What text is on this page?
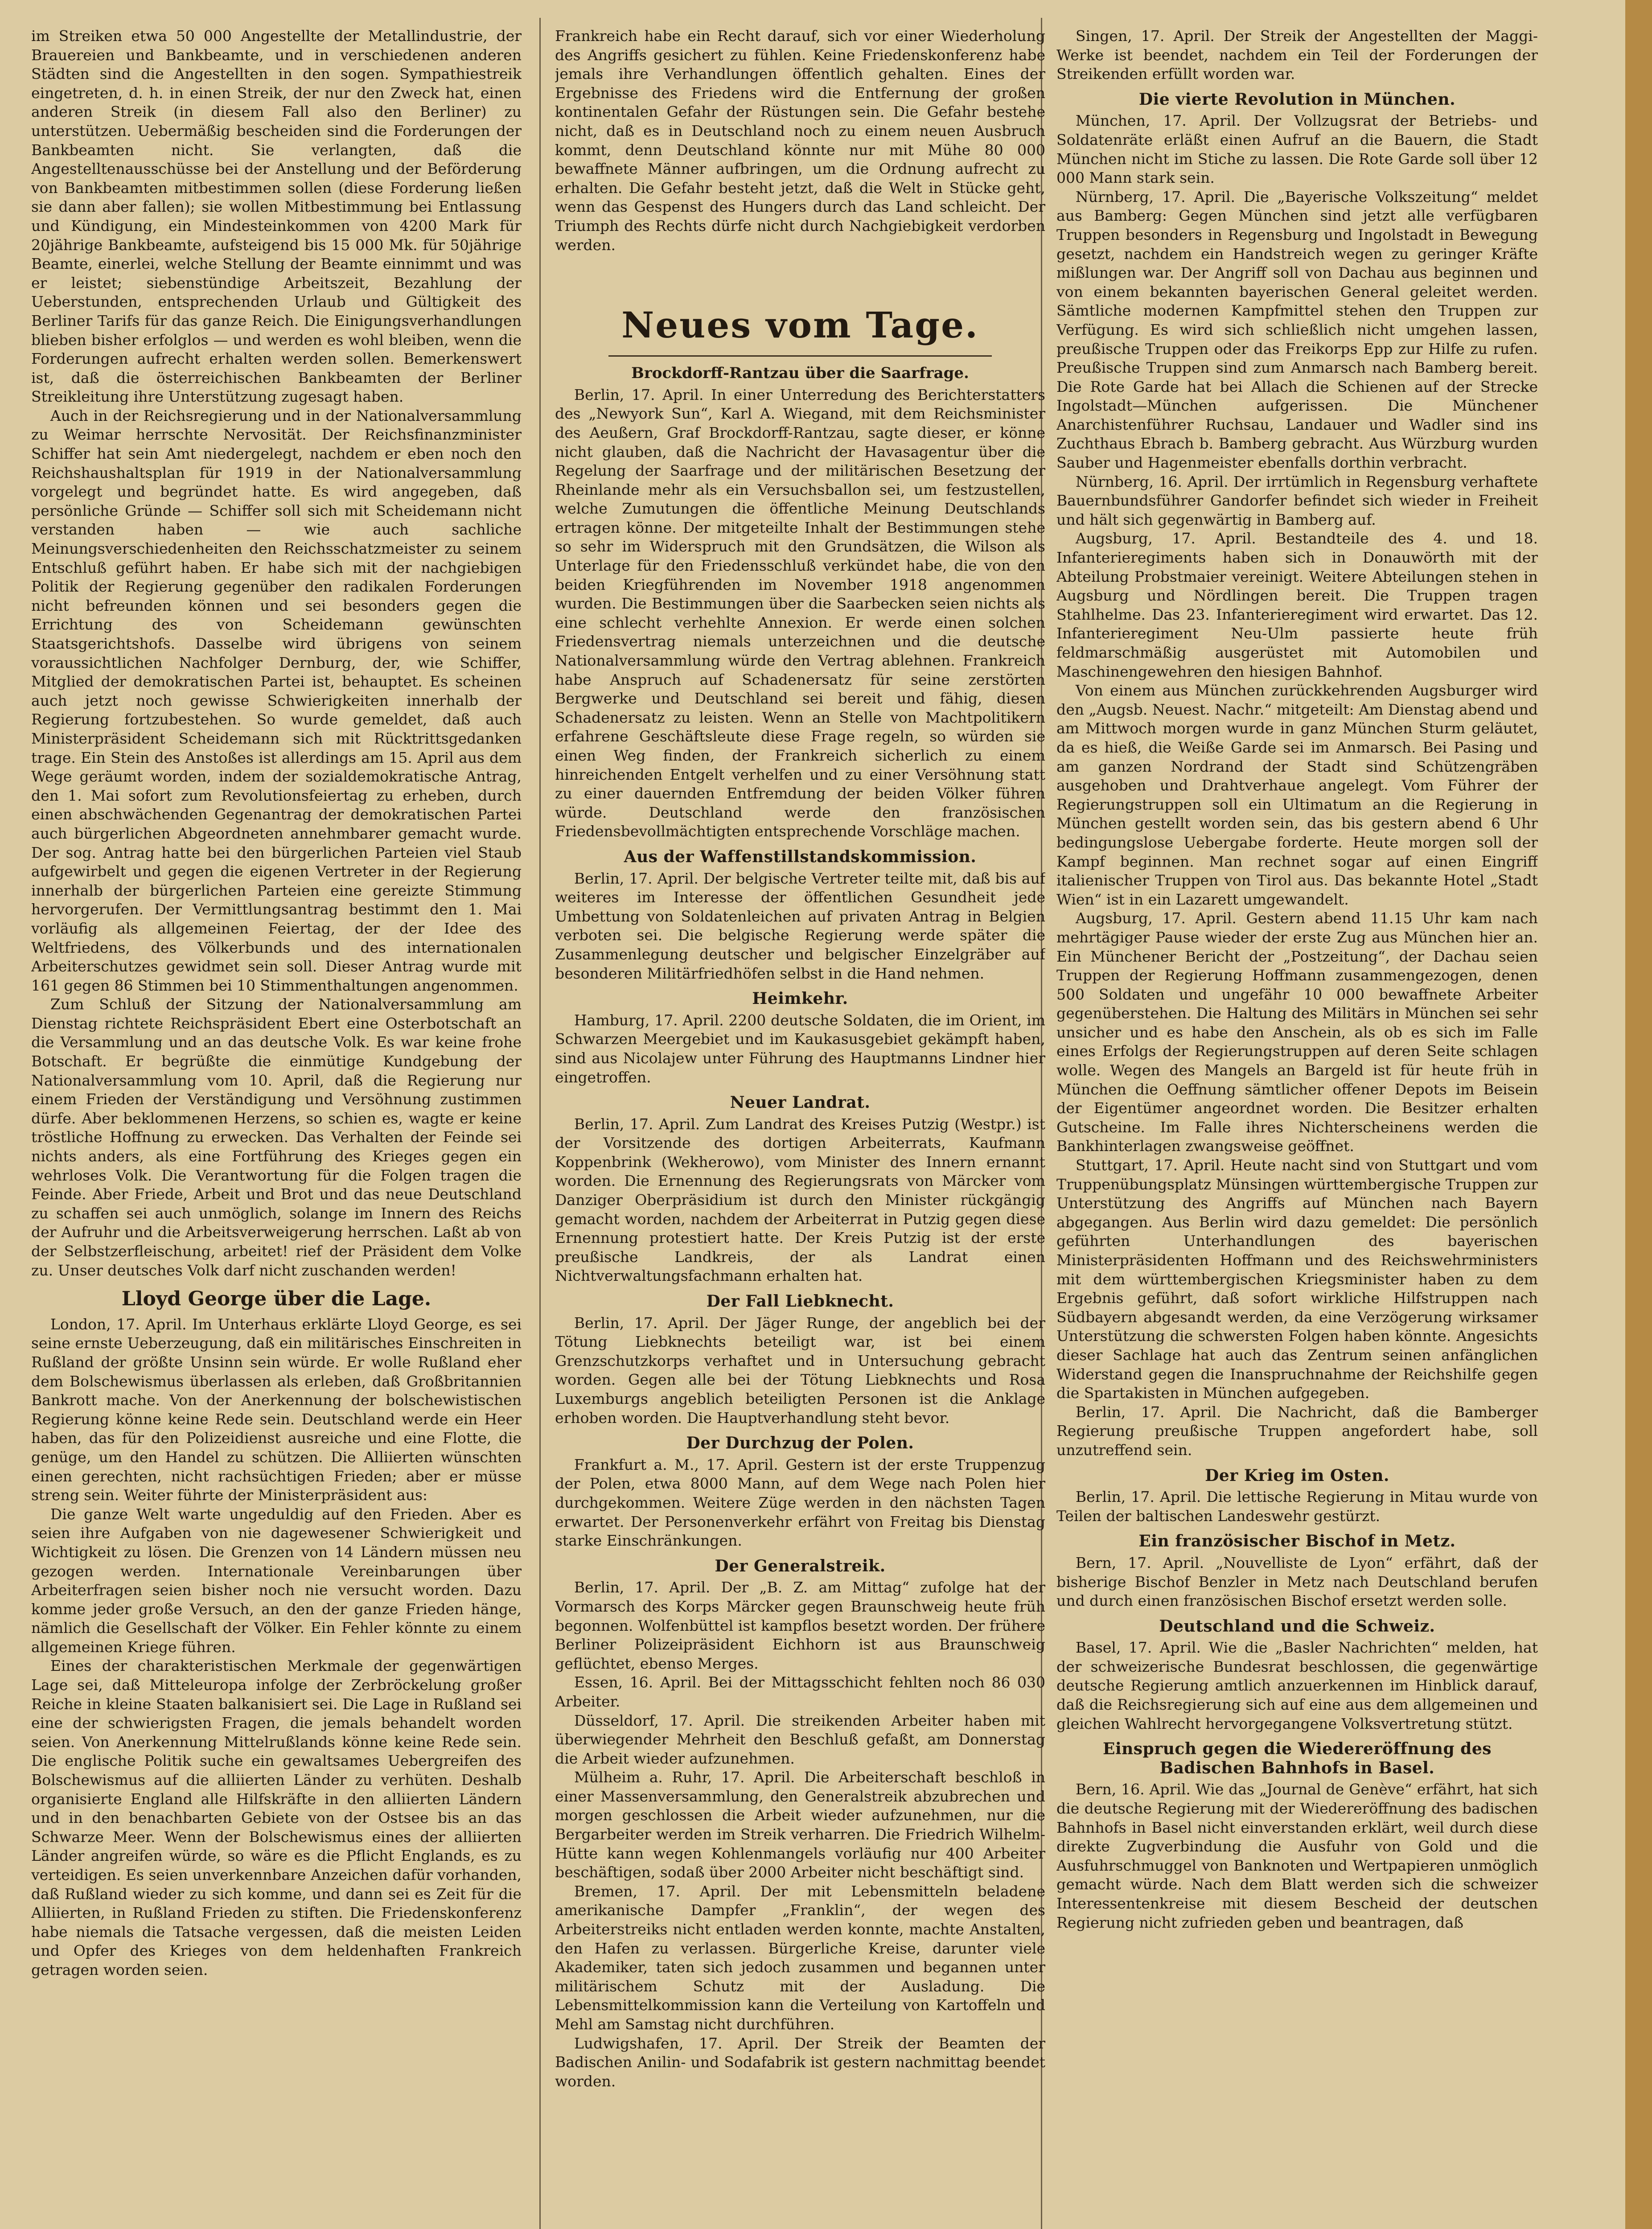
im Streiken etwa 50 000 Angestellte der Metallindustrie, der Brauereien und Bankbeamte, und in verschiedenen anderen Städten sind die Angestellten in den sogen. Sympathiestreik eingetreten, d. h. in einen Streik, der nur den Zweck hat, einen anderen Streik (in diesem Fall also den Berliner) zu unterstützen. Uebermäßig bescheiden sind die Forderungen der Bankbeamten nicht. Sie verlangten, daß die Angestelltenausschüsse bei der Anstellung und der Beförderung von Bankbeamten mitbestimmen sollen (diese Forderung ließen sie dann aber fallen); sie wollen Mitbestimmung bei Entlassung und Kündigung, ein Mindesteinkommen von 4200 Mark für 20jährige Bankbeamte, aufsteigend bis 15 000 Mk. für 50jährige Beamte, einerlei, welche Stellung der Beamte einnimmt und was er leistet; siebenstündige Arbeitszeit, Bezahlung der Ueberstunden, entsprechenden Urlaub und Gültigkeit des Berliner Tarifs für das ganze Reich. Die Einigungsverhandlungen blieben bisher erfolglos — und werden es wohl bleiben, wenn die Forderungen aufrecht erhalten werden sollen. Bemerkenswert ist, daß die österreichischen Bankbeamten der Berliner Streikleitung ihre Unterstützung zugesagt haben.

Auch in der Reichsregierung und in der Nationalversammlung zu Weimar herrschte Nervosität. Der Reichsfinanzminister Schiffer hat sein Amt niedergelegt, nachdem er eben noch den Reichshaushaltsplan für 1919 in der Nationalversammlung vorgelegt und begründet hatte. Es wird angegeben, daß persönliche Gründe — Schiffer soll sich mit Scheidemann nicht verstanden haben — wie auch sachliche Meinungsverschiedenheiten den Reichsschatzmeister zu seinem Entschluß geführt haben. Er habe sich mit der nachgiebigen Politik der Regierung gegenüber den radikalen Forderungen nicht befreunden können und sei besonders gegen die Errichtung des von Scheidemann gewünschten Staatsgerichtshofs. Dasselbe wird übrigens von seinem voraussichtlichen Nachfolger Dernburg, der, wie Schiffer, Mitglied der demokratischen Partei ist, behauptet. Es scheinen auch jetzt noch gewisse Schwierigkeiten innerhalb der Regierung fortzubestehen. So wurde gemeldet, daß auch Ministerpräsident Scheidemann sich mit Rücktrittsgedanken trage. Ein Stein des Anstoßes ist allerdings am 15. April aus dem Wege geräumt worden, indem der sozialdemokratische Antrag, den 1. Mai sofort zum Revolutionsfeiertag zu erheben, durch einen abschwächenden Gegenantrag der demokratischen Partei auch bürgerlichen Abgeordneten annehmbarer gemacht wurde. Der sog. Antrag hatte bei den bürgerlichen Parteien viel Staub aufgewirbelt und gegen die eigenen Vertreter in der Regierung innerhalb der bürgerlichen Parteien eine gereizte Stimmung hervorgerufen. Der Vermittlungsantrag bestimmt den 1. Mai vorläufig als allgemeinen Feiertag, der der Idee des Weltfriedens, des Völkerbunds und des internationalen Arbeiterschutzes gewidmet sein soll. Dieser Antrag wurde mit 161 gegen 86 Stimmen bei 10 Stimmenthaltungen angenommen.

Zum Schluß der Sitzung der Nationalversammlung am Dienstag richtete Reichspräsident Ebert eine Osterbotschaft an die Versammlung und an das deutsche Volk. Es war keine frohe Botschaft. Er begrüßte die einmütige Kundgebung der Nationalversammlung vom 10. April, daß die Regierung nur einem Frieden der Verständigung und Versöhnung zustimmen dürfe. Aber beklommenen Herzens, so schien es, wagte er keine tröstliche Hoffnung zu erwecken. Das Verhalten der Feinde sei nichts anders, als eine Fortführung des Krieges gegen ein wehrloses Volk. Die Verantwortung für die Folgen tragen die Feinde. Aber Friede, Arbeit und Brot und das neue Deutschland zu schaffen sei auch unmöglich, solange im Innern des Reichs der Aufruhr und die Arbeitsverweigerung herrschen. Laßt ab von der Selbstzerfleischung, arbeitet! rief der Präsident dem Volke zu. Unser deutsches Volk darf nicht zuschanden werden!

Lloyd George über die Lage.

London, 17. April. Im Unterhaus erklärte Lloyd George, es sei seine ernste Ueberzeugung, daß ein militärisches Einschreiten in Rußland der größte Unsinn sein würde. Er wolle Rußland eher dem Bolschewismus überlassen als erleben, daß Großbritannien Bankrott mache. Von der Anerkennung der bolschewistischen Regierung könne keine Rede sein. Deutschland werde ein Heer haben, das für den Polizeidienst ausreiche und eine Flotte, die genüge, um den Handel zu schützen. Die Alliierten wünschten einen gerechten, nicht rachsüchtigen Frieden; aber er müsse streng sein. Weiter führte der Ministerpräsident aus:

Die ganze Welt warte ungeduldig auf den Frieden. Aber es seien ihre Aufgaben von nie dagewesener Schwierigkeit und Wichtigkeit zu lösen. Die Grenzen von 14 Ländern müssen neu gezogen werden. Internationale Vereinbarungen über Arbeiterfragen seien bisher noch nie versucht worden. Dazu komme jeder große Versuch, an den der ganze Frieden hänge, nämlich die Gesellschaft der Völker. Ein Fehler könnte zu einem allgemeinen Kriege führen.

Eines der charakteristischen Merkmale der gegenwärtigen Lage sei, daß Mitteleuropa infolge der Zerbröckelung großer Reiche in kleine Staaten balkanisiert sei. Die Lage in Rußland sei eine der schwierigsten Fragen, die jemals behandelt worden seien. Von Anerkennung Mittelrußlands könne keine Rede sein. Die englische Politik suche ein gewaltsames Uebergreifen des Bolschewismus auf die alliierten Länder zu verhüten. Deshalb organisierte England alle Hilfskräfte in den alliierten Ländern und in den benachbarten Gebiete von der Ostsee bis an das Schwarze Meer. Wenn der Bolschewismus eines der alliierten Länder angreifen würde, so wäre es die Pflicht Englands, es zu verteidigen. Es seien unverkennbare Anzeichen dafür vorhanden, daß Rußland wieder zu sich komme, und dann sei es Zeit für die Alliierten, in Rußland Frieden zu stiften. Die Friedenskonferenz habe niemals die Tatsache vergessen, daß die meisten Leiden und Opfer des Krieges von dem heldenhaften Frankreich getragen worden seien.

Frankreich habe ein Recht darauf, sich vor einer Wiederholung des Angriffs gesichert zu fühlen. Keine Friedenskonferenz habe jemals ihre Verhandlungen öffentlich gehalten. Eines der Ergebnisse des Friedens wird die Entfernung der großen kontinentalen Gefahr der Rüstungen sein. Die Gefahr bestehe nicht, daß es in Deutschland noch zu einem neuen Ausbruch kommt, denn Deutschland könnte nur mit Mühe 80 000 bewaffnete Männer aufbringen, um die Ordnung aufrecht zu erhalten. Die Gefahr besteht jetzt, daß die Welt in Stücke geht, wenn das Gespenst des Hungers durch das Land schleicht. Der Triumph des Rechts dürfe nicht durch Nachgiebigkeit verdorben werden.

Neues vom Tage.
Brockdorff-Rantzau über die Saarfrage.

Berlin, 17. April. In einer Unterredung des Berichterstatters des „Newyork Sun“, Karl A. Wiegand, mit dem Reichsminister des Aeußern, Graf Brockdorff-Rantzau, sagte dieser, er könne nicht glauben, daß die Nachricht der Havasagentur über die Regelung der Saarfrage und der militärischen Besetzung der Rheinlande mehr als ein Versuchsballon sei, um festzustellen, welche Zumutungen die öffentliche Meinung Deutschlands ertragen könne. Der mitgeteilte Inhalt der Bestimmungen stehe so sehr im Widerspruch mit den Grundsätzen, die Wilson als Unterlage für den Friedensschluß verkündet habe, die von den beiden Kriegführenden im November 1918 angenommen wurden. Die Bestimmungen über die Saarbecken seien nichts als eine schlecht verhehlte Annexion. Er werde einen solchen Friedensvertrag niemals unterzeichnen und die deutsche Nationalversammlung würde den Vertrag ablehnen. Frankreich habe Anspruch auf Schadenersatz für seine zerstörten Bergwerke und Deutschland sei bereit und fähig, diesen Schadenersatz zu leisten. Wenn an Stelle von Machtpolitikern erfahrene Geschäftsleute diese Frage regeln, so würden sie einen Weg finden, der Frankreich sicherlich zu einem hinreichenden Entgelt verhelfen und zu einer Versöhnung statt zu einer dauernden Entfremdung der beiden Völker führen würde. Deutschland werde den französischen Friedensbevollmächtigten entsprechende Vorschläge machen.

Aus der Waffenstillstandskommission.

Berlin, 17. April. Der belgische Vertreter teilte mit, daß bis auf weiteres im Interesse der öffentlichen Gesundheit jede Umbettung von Soldatenleichen auf privaten Antrag in Belgien verboten sei. Die belgische Regierung werde später die Zusammenlegung deutscher und belgischer Einzelgräber auf besonderen Militärfriedhöfen selbst in die Hand nehmen.

Heimkehr.

Hamburg, 17. April. 2200 deutsche Soldaten, die im Orient, im Schwarzen Meergebiet und im Kaukasusgebiet gekämpft haben, sind aus Nicolajew unter Führung des Hauptmanns Lindner hier eingetroffen.

Neuer Landrat.

Berlin, 17. April. Zum Landrat des Kreises Putzig (Westpr.) ist der Vorsitzende des dortigen Arbeiterrats, Kaufmann Koppenbrink (Wekherowo), vom Minister des Innern ernannt worden. Die Ernennung des Regierungsrats von Märcker vom Danziger Oberpräsidium ist durch den Minister rückgängig gemacht worden, nachdem der Arbeiterrat in Putzig gegen diese Ernennung protestiert hatte. Der Kreis Putzig ist der erste preußische Landkreis, der als Landrat einen Nichtverwaltungsfachmann erhalten hat.

Der Fall Liebknecht.

Berlin, 17. April. Der Jäger Runge, der angeblich bei der Tötung Liebknechts beteiligt war, ist bei einem Grenzschutzkorps verhaftet und in Untersuchung gebracht worden. Gegen alle bei der Tötung Liebknechts und Rosa Luxemburgs angeblich beteiligten Personen ist die Anklage erhoben worden. Die Hauptverhandlung steht bevor.

Der Durchzug der Polen.

Frankfurt a. M., 17. April. Gestern ist der erste Truppenzug der Polen, etwa 8000 Mann, auf dem Wege nach Polen hier durchgekommen. Weitere Züge werden in den nächsten Tagen erwartet. Der Personenverkehr erfährt von Freitag bis Dienstag starke Einschränkungen.

Der Generalstreik.

Berlin, 17. April. Der „B. Z. am Mittag“ zufolge hat der Vormarsch des Korps Märcker gegen Braunschweig heute früh begonnen. Wolfenbüttel ist kampflos besetzt worden. Der frühere Berliner Polizeipräsident Eichhorn ist aus Braunschweig geflüchtet, ebenso Merges.

Essen, 16. April. Bei der Mittagsschicht fehlten noch 86 030 Arbeiter.

Düsseldorf, 17. April. Die streikenden Arbeiter haben mit überwiegender Mehrheit den Beschluß gefaßt, am Donnerstag die Arbeit wieder aufzunehmen.

Mülheim a. Ruhr, 17. April. Die Arbeiterschaft beschloß in einer Massenversammlung, den Generalstreik abzubrechen und morgen geschlossen die Arbeit wieder aufzunehmen, nur die Bergarbeiter werden im Streik verharren. Die Friedrich Wilhelm-Hütte kann wegen Kohlenmangels vorläufig nur 400 Arbeiter beschäftigen, sodaß über 2000 Arbeiter nicht beschäftigt sind.

Bremen, 17. April. Der mit Lebensmitteln beladene amerikanische Dampfer „Franklin“, der wegen des Arbeiterstreiks nicht entladen werden konnte, machte Anstalten, den Hafen zu verlassen. Bürgerliche Kreise, darunter viele Akademiker, taten sich jedoch zusammen und begannen unter militärischem Schutz mit der Ausladung. Die Lebensmittelkommission kann die Verteilung von Kartoffeln und Mehl am Samstag nicht durchführen.

Ludwigshafen, 17. April. Der Streik der Beamten der Badischen Anilin- und Sodafabrik ist gestern nachmittag beendet worden.

Singen, 17. April. Der Streik der Angestellten der Maggi-Werke ist beendet, nachdem ein Teil der Forderungen der Streikenden erfüllt worden war.

Die vierte Revolution in München.

München, 17. April. Der Vollzugsrat der Betriebs- und Soldatenräte erläßt einen Aufruf an die Bauern, die Stadt München nicht im Stiche zu lassen. Die Rote Garde soll über 12 000 Mann stark sein.

Nürnberg, 17. April. Die „Bayerische Volkszeitung“ meldet aus Bamberg: Gegen München sind jetzt alle verfügbaren Truppen besonders in Regensburg und Ingolstadt in Bewegung gesetzt, nachdem ein Handstreich wegen zu geringer Kräfte mißlungen war. Der Angriff soll von Dachau aus beginnen und von einem bekannten bayerischen General geleitet werden. Sämtliche modernen Kampfmittel stehen den Truppen zur Verfügung. Es wird sich schließlich nicht umgehen lassen, preußische Truppen oder das Freikorps Epp zur Hilfe zu rufen. Preußische Truppen sind zum Anmarsch nach Bamberg bereit. Die Rote Garde hat bei Allach die Schienen auf der Strecke Ingolstadt—München aufgerissen. Die Münchener Anarchistenführer Ruchsau, Landauer und Wadler sind ins Zuchthaus Ebrach b. Bamberg gebracht. Aus Würzburg wurden Sauber und Hagenmeister ebenfalls dorthin verbracht.

Nürnberg, 16. April. Der irrtümlich in Regensburg verhaftete Bauernbundsführer Gandorfer befindet sich wieder in Freiheit und hält sich gegenwärtig in Bamberg auf.

Augsburg, 17. April. Bestandteile des 4. und 18. Infanterieregiments haben sich in Donauwörth mit der Abteilung Probstmaier vereinigt. Weitere Abteilungen stehen in Augsburg und Nördlingen bereit. Die Truppen tragen Stahlhelme. Das 23. Infanterieregiment wird erwartet. Das 12. Infanterieregiment Neu-Ulm passierte heute früh feldmarschmäßig ausgerüstet mit Automobilen und Maschinengewehren den hiesigen Bahnhof.

Von einem aus München zurückkehrenden Augsburger wird den „Augsb. Neuest. Nachr.“ mitgeteilt: Am Dienstag abend und am Mittwoch morgen wurde in ganz München Sturm geläutet, da es hieß, die Weiße Garde sei im Anmarsch. Bei Pasing und am ganzen Nordrand der Stadt sind Schützengräben ausgehoben und Drahtverhaue angelegt. Vom Führer der Regierungstruppen soll ein Ultimatum an die Regierung in München gestellt worden sein, das bis gestern abend 6 Uhr bedingungslose Uebergabe forderte. Heute morgen soll der Kampf beginnen. Man rechnet sogar auf einen Eingriff italienischer Truppen von Tirol aus. Das bekannte Hotel „Stadt Wien“ ist in ein Lazarett umgewandelt.

Augsburg, 17. April. Gestern abend 11.15 Uhr kam nach mehrtägiger Pause wieder der erste Zug aus München hier an. Ein Münchener Bericht der „Postzeitung“, der Dachau seien Truppen der Regierung Hoffmann zusammengezogen, denen 500 Soldaten und ungefähr 10 000 bewaffnete Arbeiter gegenüberstehen. Die Haltung des Militärs in München sei sehr unsicher und es habe den Anschein, als ob es sich im Falle eines Erfolgs der Regierungstruppen auf deren Seite schlagen wolle. Wegen des Mangels an Bargeld ist für heute früh in München die Oeffnung sämtlicher offener Depots im Beisein der Eigentümer angeordnet worden. Die Besitzer erhalten Gutscheine. Im Falle ihres Nichterscheinens werden die Bankhinterlagen zwangsweise geöffnet.

Stuttgart, 17. April. Heute nacht sind von Stuttgart und vom Truppenübungsplatz Münsingen württembergische Truppen zur Unterstützung des Angriffs auf München nach Bayern abgegangen. Aus Berlin wird dazu gemeldet: Die persönlich geführten Unterhandlungen des bayerischen Ministerpräsidenten Hoffmann und des Reichswehrministers mit dem württembergischen Kriegsminister haben zu dem Ergebnis geführt, daß sofort wirkliche Hilfstruppen nach Südbayern abgesandt werden, da eine Verzögerung wirksamer Unterstützung die schwersten Folgen haben könnte. Angesichts dieser Sachlage hat auch das Zentrum seinen anfänglichen Widerstand gegen die Inanspruchnahme der Reichshilfe gegen die Spartakisten in München aufgegeben.

Berlin, 17. April. Die Nachricht, daß die Bamberger Regierung preußische Truppen angefordert habe, soll unzutreffend sein.

Der Krieg im Osten.

Berlin, 17. April. Die lettische Regierung in Mitau wurde von Teilen der baltischen Landeswehr gestürzt.

Ein französischer Bischof in Metz.

Bern, 17. April. „Nouvelliste de Lyon“ erfährt, daß der bisherige Bischof Benzler in Metz nach Deutschland berufen und durch einen französischen Bischof ersetzt werden solle.

Deutschland und die Schweiz.

Basel, 17. April. Wie die „Basler Nachrichten“ melden, hat der schweizerische Bundesrat beschlossen, die gegenwärtige deutsche Regierung amtlich anzuerkennen im Hinblick darauf, daß die Reichsregierung sich auf eine aus dem allgemeinen und gleichen Wahlrecht hervorgegangene Volksvertretung stützt.

Einspruch gegen die Wiedereröffnung des Badischen Bahnhofs in Basel.

Bern, 16. April. Wie das „Journal de Genève“ erfährt, hat sich die deutsche Regierung mit der Wiedereröffnung des badischen Bahnhofs in Basel nicht einverstanden erklärt, weil durch diese direkte Zugverbindung die Ausfuhr von Gold und die Ausfuhrschmuggel von Banknoten und Wertpapieren unmöglich gemacht würde. Nach dem Blatt werden sich die schweizer Interessentenkreise mit diesem Bescheid der deutschen Regierung nicht zufrieden geben und beantragen, daß
